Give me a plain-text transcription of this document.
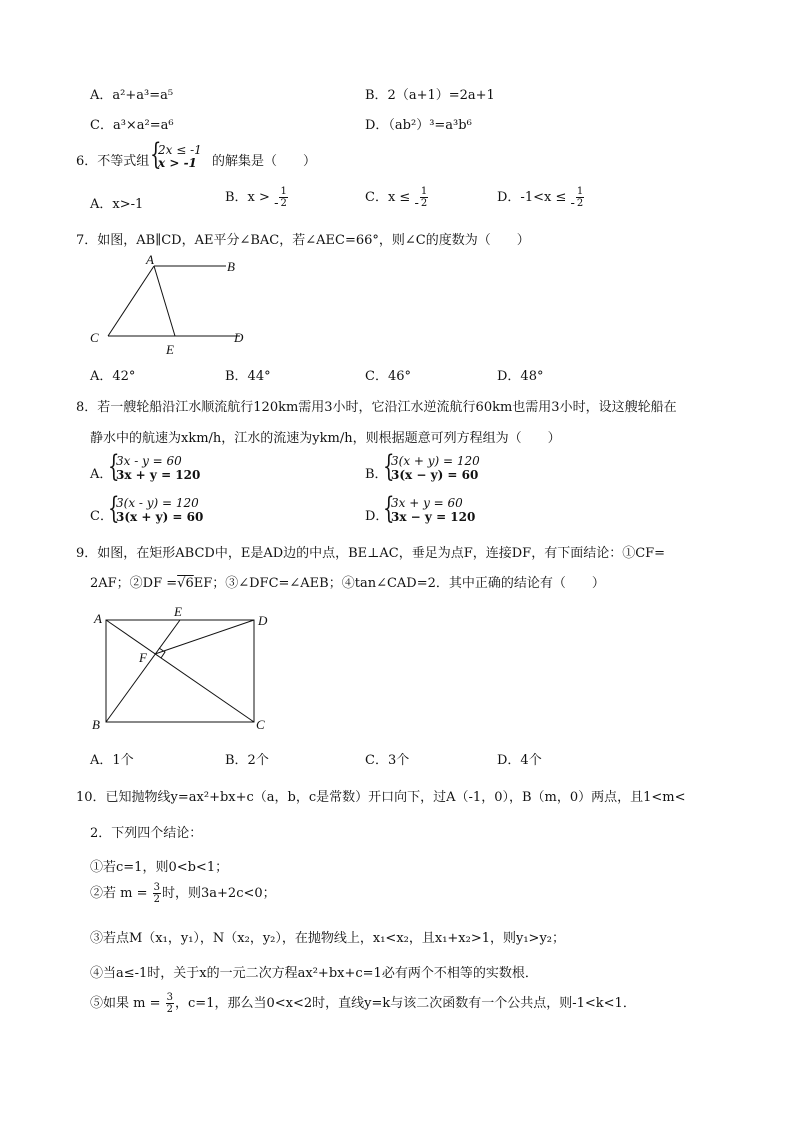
A．a²+a³=a⁵	B．2（a+1）=2a+1
C．a³×a²=a⁶	D．（ab²）³=a³b⁶
6．不等式组 {
2x ≤ -1
x > -1 的解集是（　　）
A．x>-1	B．x > - $\frac{1}{2}$	C．x ≤ - $\frac{1}{2}$	D．-1<x ≤ - $\frac{1}{2}$
7．如图，AB∥CD，AE平分∠BAC，若∠AEC=66°，则∠C的度数为（　　）
A	B
C	D
E
A．42°	B．44°	C．46°	D．48°
8．若一艘轮船沿江水顺流航行120km需用3小时，它沿江水逆流航行60km也需用3小时，设这艘轮船在
静水中的航速为xkm/h，江水的流速为ykm/h，则根据题意可列方程组为（　　）
A．
{
3x - y = 60
3x + y = 120	B．
{
3(x + y) = 120
3(x − y) = 60
C．
{
3(x - y) = 120
3(x + y) = 60	D．
{
3x + y = 60
3x − y = 120
9．如图，在矩形ABCD中，E是AD边的中点，BE⊥AC，垂足为点F，连接DF，有下面结论：①CF=
2AF；②DF =√6EF；③∠DFC=∠AEB；④tan∠CAD=2．其中正确的结论有（　　）
A	E
D
F
B	C
A．1个	B．2个	C．3个	D．4个
10．已知抛物线y=ax²+bx+c（a，b，c是常数）开口向下，过A（-1，0），B（m，0）两点，且1<m<
2．下列四个结论：
①若c=1，则0<b<1；
②若 $m = \frac{3}{2}$ 时，则3a+2c<0；
③若点M（x₁，y₁），N（x₂，y₂），在抛物线上，x₁<x₂，且x₁+x₂>1，则y₁>y₂；
④当a≤-1时，关于x的一元二次方程ax²+bx+c=1必有两个不相等的实数根．
⑤如果 $m = \frac{3}{2}$ ，c=1，那么当0<x<2时，直线y=k与该二次函数有一个公共点，则-1<k<1．
